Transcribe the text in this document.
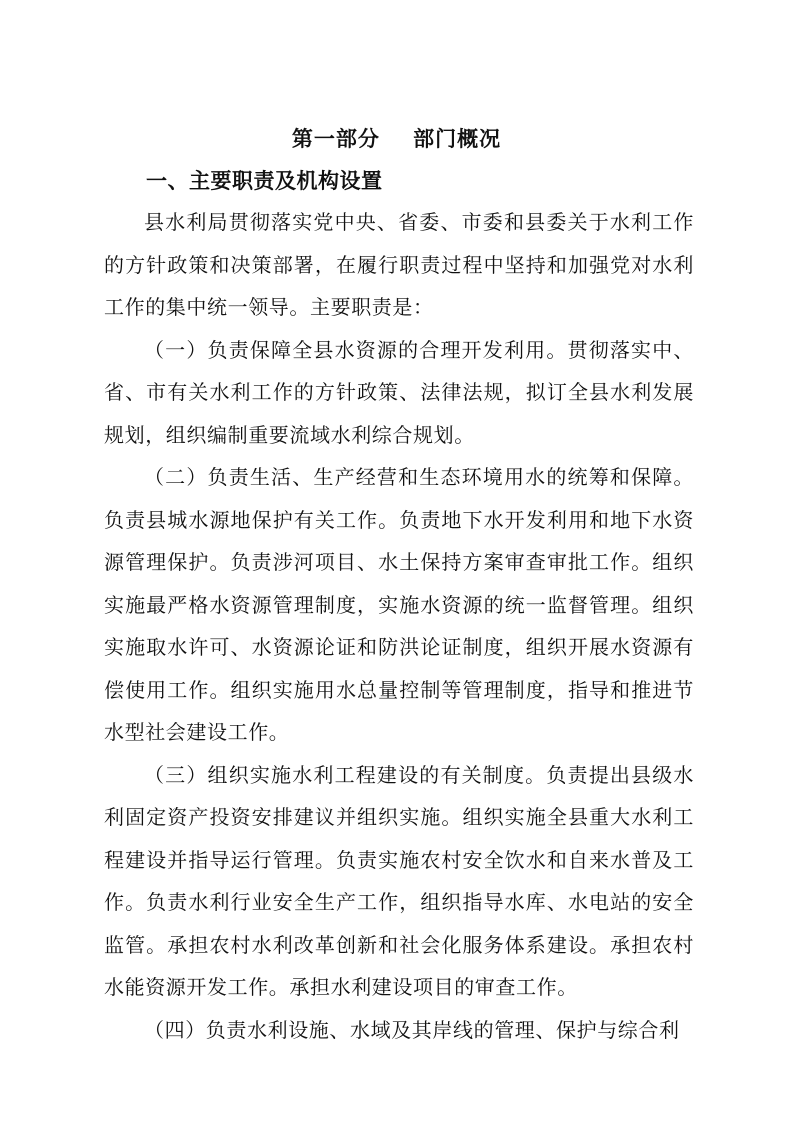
第一部分    部门概况
一、主要职责及机构设置

县水利局贯彻落实党中央、省委、市委和县委关于水利工作的方针政策和决策部署，在履行职责过程中坚持和加强党对水利工作的集中统一领导。主要职责是：

（一）负责保障全县水资源的合理开发利用。贯彻落实中、省、市有关水利工作的方针政策、法律法规，拟订全县水利发展规划，组织编制重要流域水利综合规划。

（二）负责生活、生产经营和生态环境用水的统筹和保障。负责县城水源地保护有关工作。负责地下水开发利用和地下水资源管理保护。负责涉河项目、水土保持方案审查审批工作。组织实施最严格水资源管理制度，实施水资源的统一监督管理。组织实施取水许可、水资源论证和防洪论证制度，组织开展水资源有偿使用工作。组织实施用水总量控制等管理制度，指导和推进节水型社会建设工作。

（三）组织实施水利工程建设的有关制度。负责提出县级水利固定资产投资安排建议并组织实施。组织实施全县重大水利工程建设并指导运行管理。负责实施农村安全饮水和自来水普及工作。负责水利行业安全生产工作，组织指导水库、水电站的安全监管。承担农村水利改革创新和社会化服务体系建设。承担农村水能资源开发工作。承担水利建设项目的审查工作。

（四）负责水利设施、水域及其岸线的管理、保护与综合利
